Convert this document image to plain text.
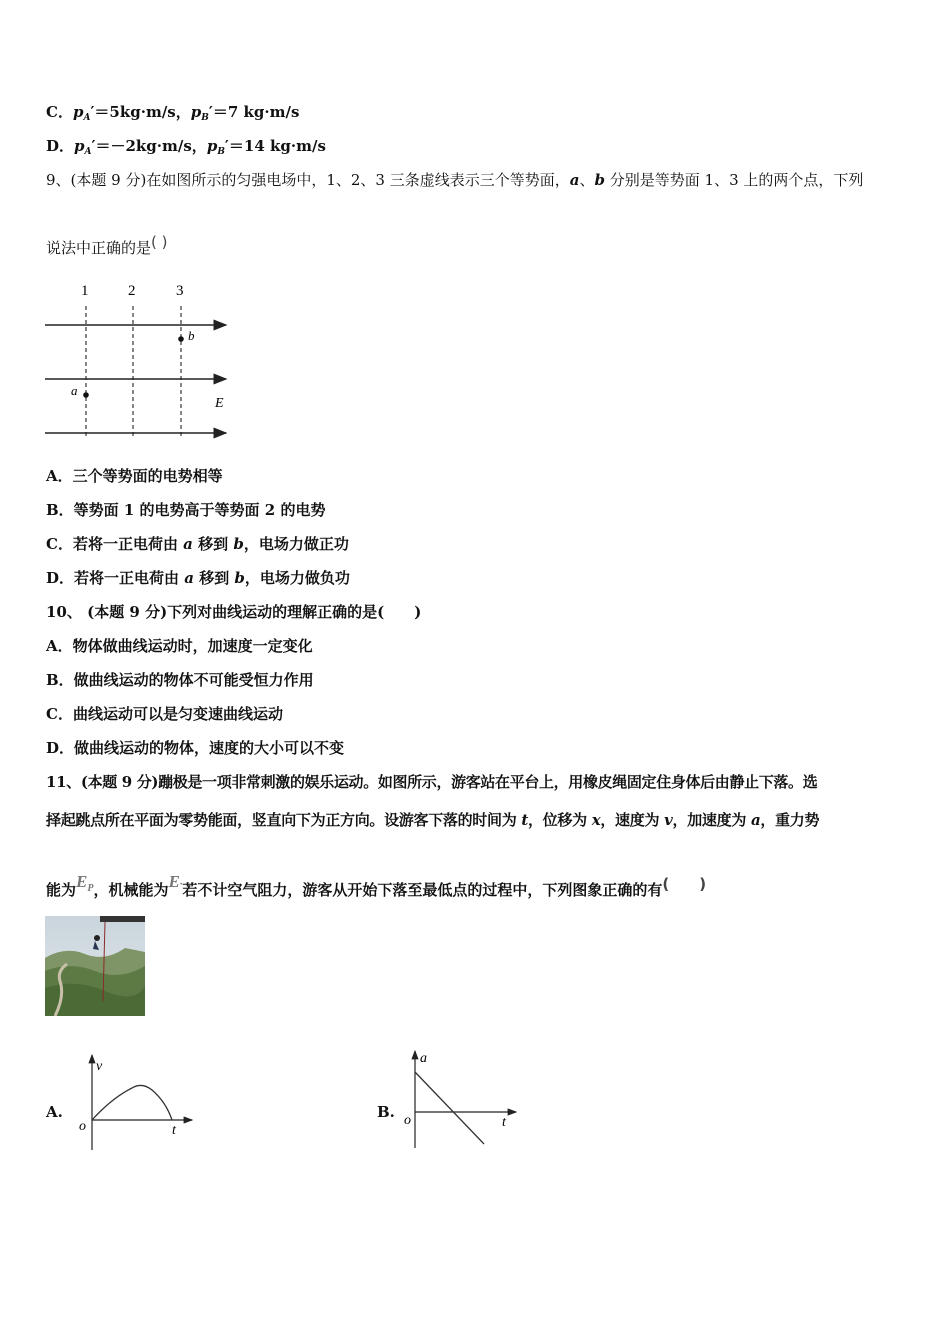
C．$p_A'=5kg\cdot m/s$，$p_B'=7$ kg·m/s
D．$p_A'=-2kg\cdot m/s$，$p_B'=14$ kg·m/s
9、(本题 9 分)在如图所示的匀强电场中，1、2、3 三条虚线表示三个等势面，a、b 分别是等势面 1、3 上的两个点，下列
说法中正确的是( )
1	2	3
a
b
E
A．三个等势面的电势相等
B．等势面 1 的电势高于等势面 2 的电势
C．若将一正电荷由 a 移到 b，电场力做正功
D．若将一正电荷由 a 移到 b，电场力做负功
10、 (本题 9 分)下列对曲线运动的理解正确的是(　　)
A．物体做曲线运动时，加速度一定变化
B．做曲线运动的物体不可能受恒力作用
C．曲线运动可以是匀变速曲线运动
D．做曲线运动的物体，速度的大小可以不变
11、(本题 9 分)蹦极是一项非常刺激的娱乐运动。如图所示，游客站在平台上，用橡皮绳固定住身体后由静止下落。选
择起跳点所在平面为零势能面，竖直向下为正方向。设游客下落的时间为 t，位移为 x，速度为 v，加速度为 a，重力势
能为$E_P$，机械能为E·若不计空气阻力，游客从开始下落至最低点的过程中，下列图象正确的有(　　)
A.
v
t
o
B.
a
t
o
